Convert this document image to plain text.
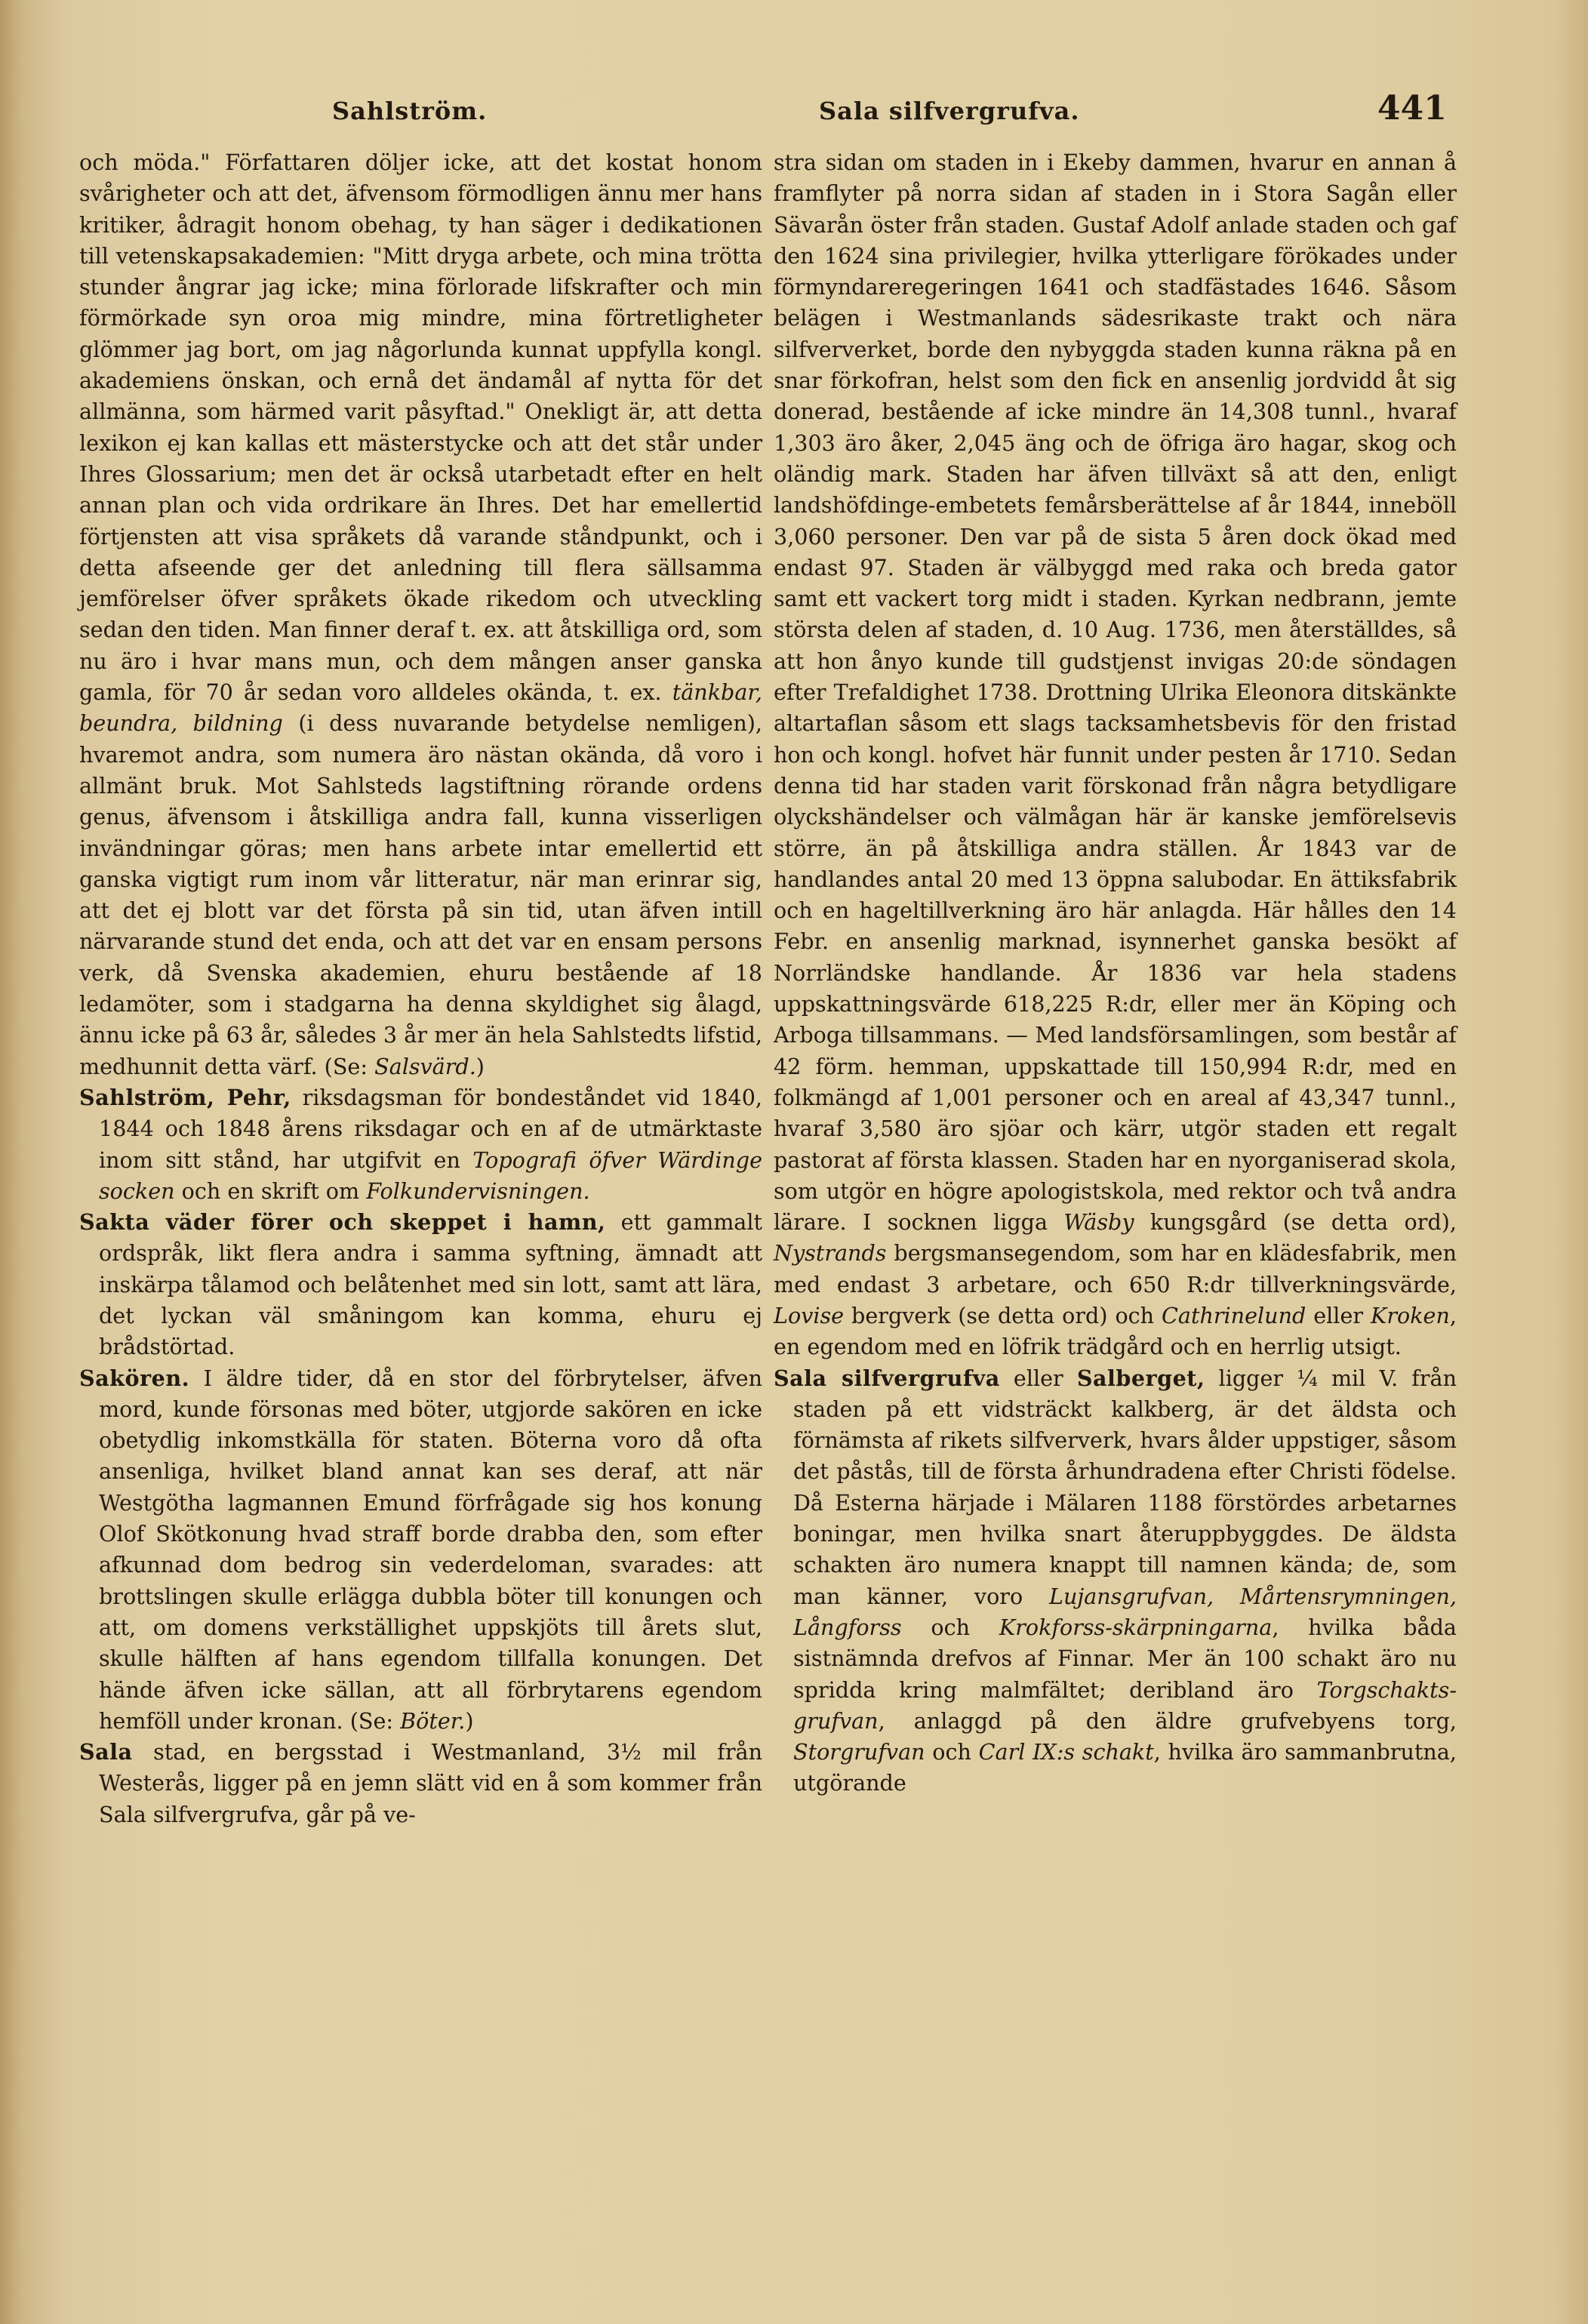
Sahlström.	Sala silfvergrufva.	441

och möda." Författaren döljer icke, att det kostat honom svårigheter och att det, äfvensom förmodligen ännu mer hans kritiker, ådragit honom obehag, ty han säger i dedikationen till vetenskapsakademien: "Mitt dryga arbete, och mina trötta stunder ångrar jag icke; mina förlorade lifskrafter och min förmörkade syn oroa mig mindre, mina förtretligheter glömmer jag bort, om jag någorlunda kunnat uppfylla kongl. akademiens önskan, och ernå det ändamål af nytta för det allmänna, som härmed varit påsyftad." Onekligt är, att detta lexikon ej kan kallas ett mästerstycke och att det står under Ihres Glossarium; men det är också utarbetadt efter en helt annan plan och vida ordrikare än Ihres. Det har emellertid förtjensten att visa språkets då varande ståndpunkt, och i detta afseende ger det anledning till flera sällsamma jemförelser öfver språkets ökade rikedom och utveckling sedan den tiden. Man finner deraf t. ex. att åtskilliga ord, som nu äro i hvar mans mun, och dem mången anser ganska gamla, för 70 år sedan voro alldeles okända, t. ex. tänkbar, beundra, bildning (i dess nuvarande betydelse nemligen), hvaremot andra, som numera äro nästan okända, då voro i allmänt bruk. Mot Sahlsteds lagstiftning rörande ordens genus, äfvensom i åtskilliga andra fall, kunna visserligen invändningar göras; men hans arbete intar emellertid ett ganska vigtigt rum inom vår litteratur, när man erinrar sig, att det ej blott var det första på sin tid, utan äfven intill närvarande stund det enda, och att det var en ensam persons verk, då Svenska akademien, ehuru bestående af 18 ledamöter, som i stadgarna ha denna skyldighet sig ålagd, ännu icke på 63 år, således 3 år mer än hela Sahlstedts lifstid, medhunnit detta värf. (Se: Salsvärd.)

Sahlström, Pehr, riksdagsman för bondeståndet vid 1840, 1844 och 1848 årens riksdagar och en af de utmärktaste inom sitt stånd, har utgifvit en Topografi öfver Wärdinge socken och en skrift om Folkundervisningen.

Sakta väder förer och skeppet i hamn, ett gammalt ordspråk, likt flera andra i samma syftning, ämnadt att inskärpa tålamod och belåtenhet med sin lott, samt att lära, det lyckan väl småningom kan komma, ehuru ej brådstörtad.

Sakören. I äldre tider, då en stor del förbrytelser, äfven mord, kunde försonas med böter, utgjorde sakören en icke obetydlig inkomstkälla för staten. Böterna voro då ofta ansenliga, hvilket bland annat kan ses deraf, att när Westgötha lagmannen Emund förfrågade sig hos konung Olof Skötkonung hvad straff borde drabba den, som efter afkunnad dom bedrog sin vederdeloman, svarades: att brottslingen skulle erlägga dubbla böter till konungen och att, om domens verkställighet uppskjöts till årets slut, skulle hälften af hans egendom tillfalla konungen. Det hände äfven icke sällan, att all förbrytarens egendom hemföll under kronan. (Se: Böter.)

Sala stad, en bergsstad i Westmanland, 3½ mil från Westerås, ligger på en jemn slätt vid en å som kommer från Sala silfvergrufva, går på ve-

stra sidan om staden in i Ekeby dammen, hvarur en annan å framflyter på norra sidan af staden in i Stora Sagån eller Sävarån öster från staden. Gustaf Adolf anlade staden och gaf den 1624 sina privilegier, hvilka ytterligare förökades under förmyndareregeringen 1641 och stadfästades 1646. Såsom belägen i Westmanlands sädesrikaste trakt och nära silfververket, borde den nybyggda staden kunna räkna på en snar förkofran, helst som den fick en ansenlig jordvidd åt sig donerad, bestående af icke mindre än 14,308 tunnl., hvaraf 1,303 äro åker, 2,045 äng och de öfriga äro hagar, skog och oländig mark. Staden har äfven tillväxt så att den, enligt landshöfdinge-embetets femårsberättelse af år 1844, inneböll 3,060 personer. Den var på de sista 5 åren dock ökad med endast 97. Staden är välbyggd med raka och breda gator samt ett vackert torg midt i staden. Kyrkan nedbrann, jemte största delen af staden, d. 10 Aug. 1736, men återställdes, så att hon ånyo kunde till gudstjenst invigas 20:de söndagen efter Trefaldighet 1738. Drottning Ulrika Eleonora ditskänkte altartaflan såsom ett slags tacksamhetsbevis för den fristad hon och kongl. hofvet här funnit under pesten år 1710. Sedan denna tid har staden varit förskonad från några betydligare olyckshändelser och välmågan här är kanske jemförelsevis större, än på åtskilliga andra ställen. År 1843 var de handlandes antal 20 med 13 öppna salubodar. En ättiksfabrik och en hageltillverkning äro här anlagda. Här hålles den 14 Febr. en ansenlig marknad, isynnerhet ganska besökt af Norrländske handlande. År 1836 var hela stadens uppskattningsvärde 618,225 R:dr, eller mer än Köping och Arboga tillsammans. — Med landsförsamlingen, som består af 42 förm. hemman, uppskattade till 150,994 R:dr, med en folkmängd af 1,001 personer och en areal af 43,347 tunnl., hvaraf 3,580 äro sjöar och kärr, utgör staden ett regalt pastorat af första klassen. Staden har en nyorganiserad skola, som utgör en högre apologistskola, med rektor och två andra lärare. I socknen ligga Wäsby kungsgård (se detta ord), Nystrands bergsmansegendom, som har en klädesfabrik, men med endast 3 arbetare, och 650 R:dr tillverkningsvärde, Lovise bergverk (se detta ord) och Cathrinelund eller Kroken, en egendom med en löfrik trädgård och en herrlig utsigt.

Sala silfvergrufva eller Salberget, ligger ¼ mil V. från staden på ett vidsträckt kalkberg, är det äldsta och förnämsta af rikets silfververk, hvars ålder uppstiger, såsom det påstås, till de första århundradena efter Christi födelse. Då Esterna härjade i Mälaren 1188 förstördes arbetarnes boningar, men hvilka snart återuppbyggdes. De äldsta schakten äro numera knappt till namnen kända; de, som man känner, voro Lujansgrufvan, Mårtensrymningen, Långforss och Krokforss-skärpningarna, hvilka båda sistnämnda drefvos af Finnar. Mer än 100 schakt äro nu spridda kring malmfältet; deribland äro Torgschakts-grufvan, anlaggd på den äldre grufvebyens torg, Storgrufvan och Carl IX:s schakt, hvilka äro sammanbrutna, utgörande
